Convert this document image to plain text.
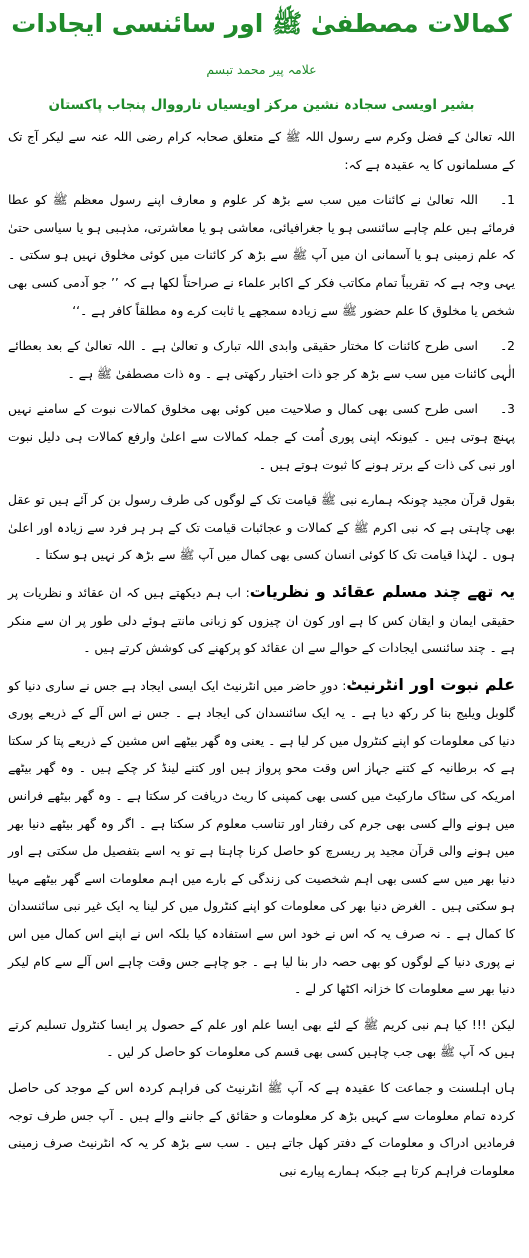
کمالات مصطفیٰ ﷺ اور سائنسی ایجادات
علامہ پیر محمد تبسم
بشیر اویسی سجادہ نشین مرکز اویسیاں نارووال پنجاب پاکستان

اللہ تعالیٰ کے فضل وکرم سے رسول اللہ ﷺ کے متعلق صحابہ کرام رضی اللہ عنہ سے لیکر آج تک کے مسلمانوں کا یہ عقیدہ ہے کہ:

1۔اللہ تعالیٰ نے کائنات میں سب سے بڑھ کر علوم و معارف اپنے رسول معظم ﷺ کو عطا فرمائے ہیں علم چاہے سائنسی ہو یا جغرافیائی، معاشی ہو یا معاشرتی، مذہبی ہو یا سیاسی حتیٰ کہ علم زمینی ہو یا آسمانی ان میں آپ ﷺ سے بڑھ کر کائنات میں کوئی مخلوق نہیں ہو سکتی ۔ یہی وجہ ہے کہ تقریباً تمام مکاتب فکر کے اکابر علماء نے صراحتاً لکھا ہے کہ ’’ جو آدمی کسی بھی شخص یا مخلوق کا علم حضور ﷺ سے زیادہ سمجھے یا ثابت کرے وہ مطلقاً کافر ہے ۔‘‘

2۔اسی طرح کائنات کا مختار حقیقی وابدی اللہ تبارک و تعالیٰ ہے ۔ اللہ تعالیٰ کے بعد بعطائے الٰہی کائنات میں سب سے بڑھ کر جو ذات اختیار رکھتی ہے ۔ وہ ذات مصطفیٰ ﷺ ہے ۔

3۔اسی طرح کسی بھی کمال و صلاحیت میں کوئی بھی مخلوق کمالات نبوت کے سامنے نہیں پہنچ ہوتی ہیں ۔ کیونکہ اپنی پوری اُمت کے جملہ کمالات سے اعلیٰ وارفع کمالات ہی دلیل نبوت اور نبی کی ذات کے برتر ہونے کا ثبوت ہوتے ہیں ۔

بقول قرآن مجید چونکہ ہمارے نبی ﷺ قیامت تک کے لوگوں کی طرف رسول بن کر آئے ہیں تو عقل بھی چاہتی ہے کہ نبی اکرم ﷺ کے کمالات و عجائبات قیامت تک کے ہر ہر فرد سے زیادہ اور اعلیٰ ہوں ۔ لہٰذا قیامت تک کا کوئی انسان کسی بھی کمال میں آپ ﷺ سے بڑھ کر نہیں ہو سکتا ۔

یہ تھے چند مسلم عقائد و نظریات: اب ہم دیکھتے ہیں کہ ان عقائد و نظریات پر حقیقی ایمان و ایقان کس کا ہے اور کون ان چیزوں کو زبانی مانتے ہوئے دلی طور پر ان سے منکر ہے ۔ چند سائنسی ایجادات کے حوالے سے ان عقائد کو پرکھنے کی کوشش کرتے ہیں ۔

علم نبوت اور انٹرنیٹ: دورِ حاضر میں انٹرنیٹ ایک ایسی ایجاد ہے جس نے ساری دنیا کو گلوبل ویلیج بنا کر رکھ دیا ہے ۔ یہ ایک سائنسدان کی ایجاد ہے ۔ جس نے اس آلے کے ذریعے پوری دنیا کی معلومات کو اپنے کنٹرول میں کر لیا ہے ۔ یعنی وہ گھر بیٹھے اس مشین کے ذریعے پتا کر سکتا ہے کہ برطانیہ کے کتنے جہاز اس وقت محو پرواز ہیں اور کتنے لینڈ کر چکے ہیں ۔ وہ گھر بیٹھے امریکہ کی سٹاک مارکیٹ میں کسی بھی کمپنی کا ریٹ دریافت کر سکتا ہے ۔ وہ گھر بیٹھے فرانس میں ہونے والے کسی بھی جرم کی رفتار اور تناسب معلوم کر سکتا ہے ۔ اگر وہ گھر بیٹھے دنیا بھر میں ہونے والی قرآن مجید پر ریسرچ کو حاصل کرنا چاہتا ہے تو یہ اسے بتفصیل مل سکتی ہے اور دنیا بھر میں سے کسی بھی اہم شخصیت کی زندگی کے بارے میں اہم معلومات اسے گھر بیٹھے مہیا ہو سکتی ہیں ۔ الغرض دنیا بھر کی معلومات کو اپنے کنٹرول میں کر لینا یہ ایک غیر نبی سائنسدان کا کمال ہے ۔ نہ صرف یہ کہ اس نے خود اس سے استفادہ کیا بلکہ اس نے اپنے اس کمال میں اس نے پوری دنیا کے لوگوں کو بھی حصہ دار بنا لیا ہے ۔ جو چاہے جس وقت چاہے اس آلے سے کام لیکر دنیا بھر سے معلومات کا خزانہ اکٹھا کر لے ۔

لیکن !!! کیا ہم نبی کریم ﷺ کے لئے بھی ایسا علم اور علم کے حصول پر ایسا کنٹرول تسلیم کرتے ہیں کہ آپ ﷺ بھی جب چاہیں کسی بھی قسم کی معلومات کو حاصل کر لیں ۔

ہاں اہلسنت و جماعت کا عقیدہ ہے کہ آپ ﷺ انٹرنیٹ کی فراہم کردہ اس کے موجد کی حاصل کردہ تمام معلومات سے کہیں بڑھ کر معلومات و حقائق کے جاننے والے ہیں ۔ آپ جس طرف توجہ فرمادیں ادراک و معلومات کے دفتر کھل جاتے ہیں ۔ سب سے بڑھ کر یہ کہ انٹرنیٹ صرف زمینی معلومات فراہم کرتا ہے جبکہ ہمارے پیارے نبی
